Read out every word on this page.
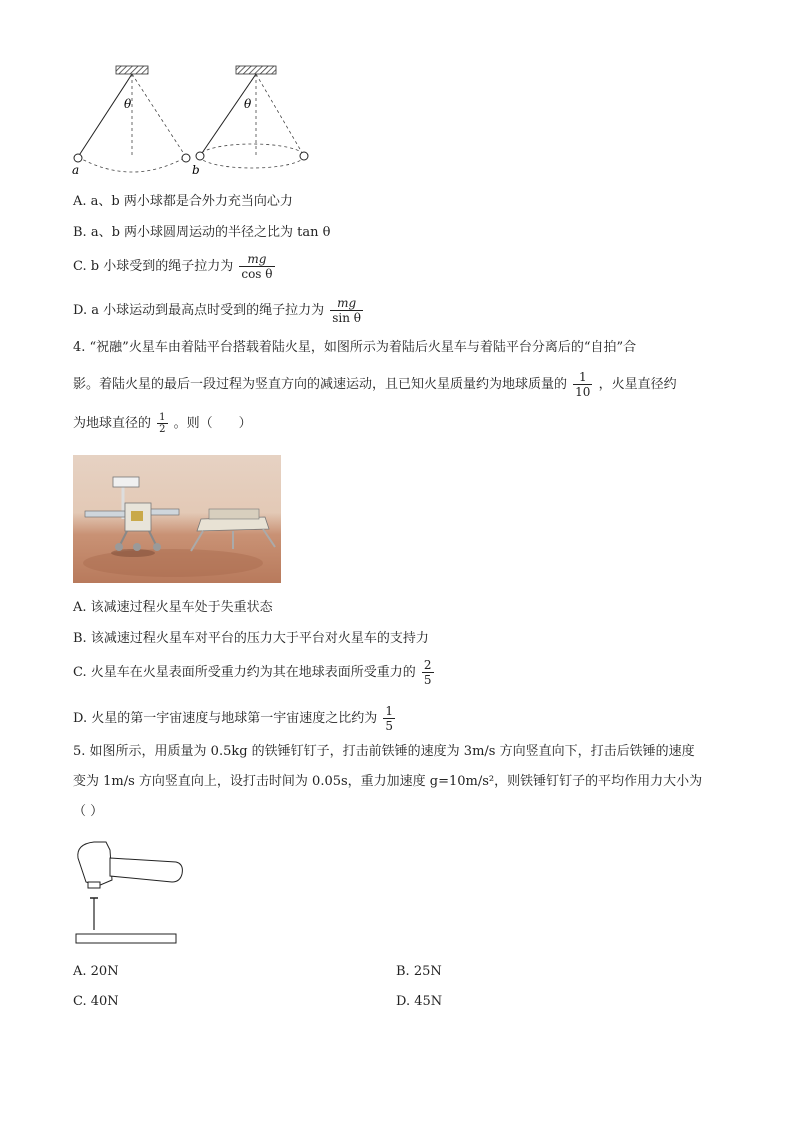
θ	θ
a	b
A. a、b 两小球都是合外力充当向心力
B. a、b 两小球圆周运动的半径之比为 tan θ
C. b 小球受到的绳子拉力为 $\frac{mg}{\text{cos θ}}$
D. a 小球运动到最高点时受到的绳子拉力为 $\frac{mg}{\text{sin θ}}$
4. “祝融”火星车由着陆平台搭载着陆火星，如图所示为着陆后火星车与着陆平台分离后的“自拍”合
影。着陆火星的最后一段过程为竖直方向的减速运动，且已知火星质量约为地球质量的 $\frac{1}{10}$ ，火星直径约
为地球直径的 $\frac{1}{2}$ 。则（　　）
A. 该减速过程火星车处于失重状态
B. 该减速过程火星车对平台的压力大于平台对火星车的支持力
C. 火星车在火星表面所受重力约为其在地球表面所受重力的 $\frac{2}{5}$
D. 火星的第一宇宙速度与地球第一宇宙速度之比约为 $\frac{1}{5}$
5. 如图所示，用质量为 0.5kg 的铁锤钉钉子，打击前铁锤的速度为 3m/s 方向竖直向下，打击后铁锤的速度
变为 1m/s 方向竖直向上，设打击时间为 0.05s，重力加速度 g=10m/s²，则铁锤钉钉子的平均作用力大小为
（ ）
A. 20N	B. 25N
C. 40N	D. 45N
